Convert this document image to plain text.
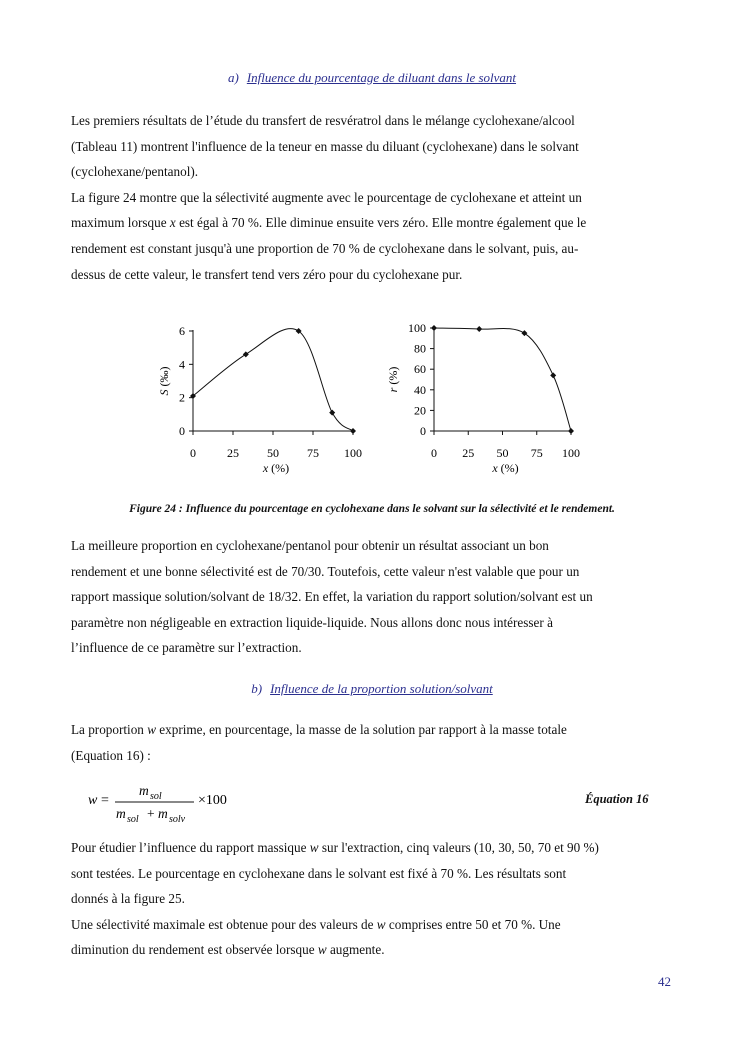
a) Influence du pourcentage de diluant dans le solvant
Les premiers résultats de l’étude du transfert de resvératrol dans le mélange cyclohexane/alcool
(Tableau 11) montrent l'influence de la teneur en masse du diluant (cyclohexane) dans le solvant
(cyclohexane/pentanol).
La figure 24 montre que la sélectivité augmente avec le pourcentage de cyclohexane et atteint un
maximum lorsque x est égal à 70 %. Elle diminue ensuite vers zéro. Elle montre également que le
rendement est constant jusqu'à une proportion de 70 % de cyclohexane dans le solvant, puis, au-
dessus de cette valeur, le transfert tend vers zéro pour du cyclohexane pur.
0
2
4
6
0	25 50 75 100
x (%)
S (‰)
0
20
40
60
80
100
0 25 50 75 100
x (%)
r (%)
Figure 24 : Influence du pourcentage en cyclohexane dans le solvant sur la sélectivité et le rendement.
La meilleure proportion en cyclohexane/pentanol pour obtenir un résultat associant un bon
rendement et une bonne sélectivité est de 70/30. Toutefois, cette valeur n'est valable que pour un
rapport massique solution/solvant de 18/32. En effet, la variation du rapport solution/solvant est un
paramètre non négligeable en extraction liquide-liquide. Nous allons donc nous intéresser à
l’influence de ce paramètre sur l’extraction.
b) Influence de la proportion solution/solvant
La proportion w exprime, en pourcentage, la masse de la solution par rapport à la masse totale
(Equation 16) :
w =
m sol
m sol + m solv
×100	Équation 16
Pour étudier l’influence du rapport massique w sur l'extraction, cinq valeurs (10, 30, 50, 70 et 90 %)
sont testées. Le pourcentage en cyclohexane dans le solvant est fixé à 70 %. Les résultats sont
donnés à la figure 25.
Une sélectivité maximale est obtenue pour des valeurs de w comprises entre 50 et 70 %. Une
diminution du rendement est observée lorsque w augmente.
42
